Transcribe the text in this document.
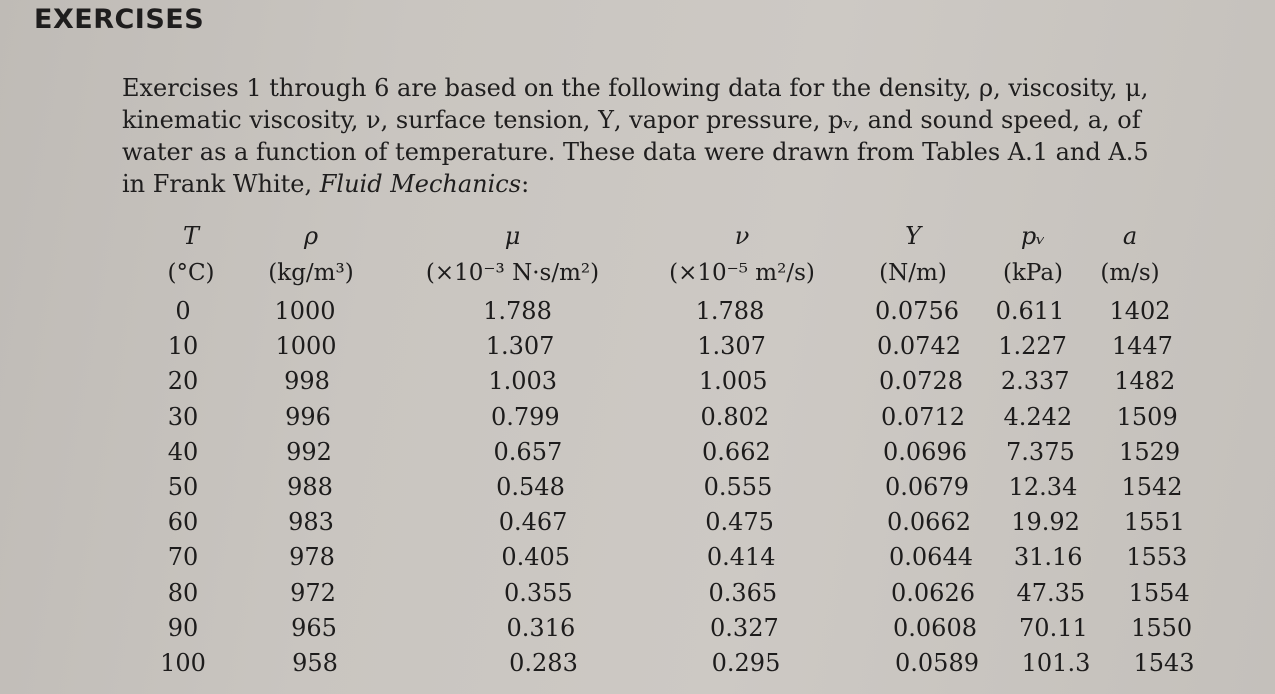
EXERCISES

Exercises 1 through 6 are based on the following data for the density, ρ, viscosity, μ,

kinematic viscosity, ν, surface tension, Υ, vapor pressure, pᵥ, and sound speed, a, of

water as a function of temperature. These data were drawn from Tables A.1 and A.5

in Frank White, Fluid Mechanics:

T	ρ	μ	ν	Υ	pᵥ	a
(°C)	(kg/m³)	(×10⁻³ N·s/m²)	(×10⁻⁵ m²/s)	(N/m)	(kPa)	(m/s)
0	1000	1.788	1.788	0.0756	0.611	1402
10	1000	1.307	1.307	0.0742	1.227	1447
20	998	1.003	1.005	0.0728	2.337	1482
30	996	0.799	0.802	0.0712	4.242	1509
40	992	0.657	0.662	0.0696	7.375	1529
50	988	0.548	0.555	0.0679	12.34	1542
60	983	0.467	0.475	0.0662	19.92	1551
70	978	0.405	0.414	0.0644	31.16	1553
80	972	0.355	0.365	0.0626	47.35	1554
90	965	0.316	0.327	0.0608	70.11	1550
100	958	0.283	0.295	0.0589	101.3	1543
